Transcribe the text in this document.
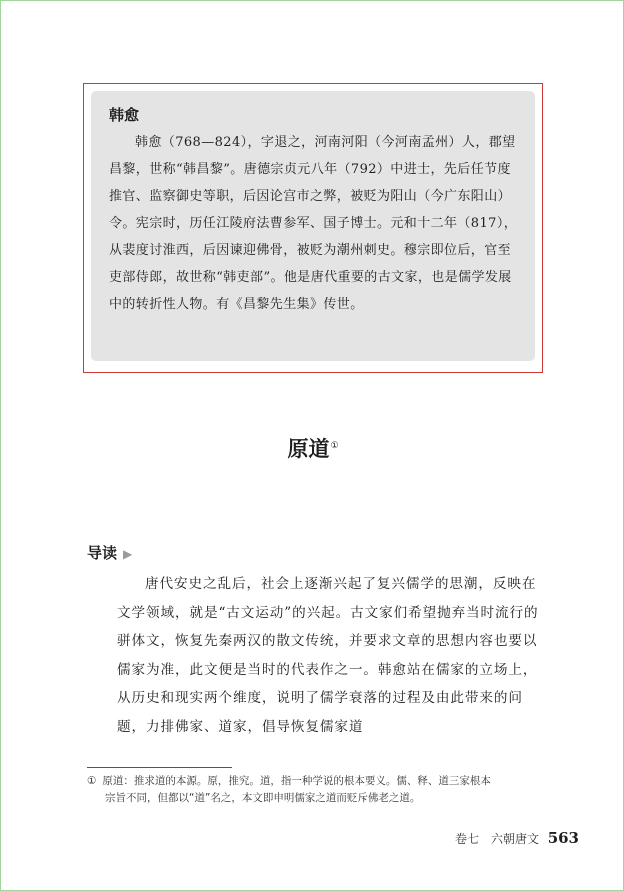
韩愈

韩愈（768—824），字退之，河南河阳（今河南孟州）人，郡望昌黎，世称“韩昌黎”。唐德宗贞元八年（792）中进士，先后任节度推官、监察御史等职，后因论宫市之弊，被贬为阳山（今广东阳山）令。宪宗时，历任江陵府法曹参军、国子博士。元和十二年（817），从裴度讨淮西，后因谏迎佛骨，被贬为潮州刺史。穆宗即位后，官至吏部侍郎，故世称“韩吏部”。他是唐代重要的古文家，也是儒学发展中的转折性人物。有《昌黎先生集》传世。

原道①
导读 ▶

唐代安史之乱后，社会上逐渐兴起了复兴儒学的思潮，反映在文学领域，就是“古文运动”的兴起。古文家们希望抛弃当时流行的骈体文，恢复先秦两汉的散文传统，并要求文章的思想内容也要以儒家为准，此文便是当时的代表作之一。韩愈站在儒家的立场上，从历史和现实两个维度，说明了儒学衰落的过程及由此带来的问题，力排佛家、道家，倡导恢复儒家道

① 原道：推求道的本源。原，推究。道，指一种学说的根本要义。儒、释、道三家根本
宗旨不同，但都以“道”名之，本文即申明儒家之道而贬斥佛老之道。

卷七　六朝唐文 563
